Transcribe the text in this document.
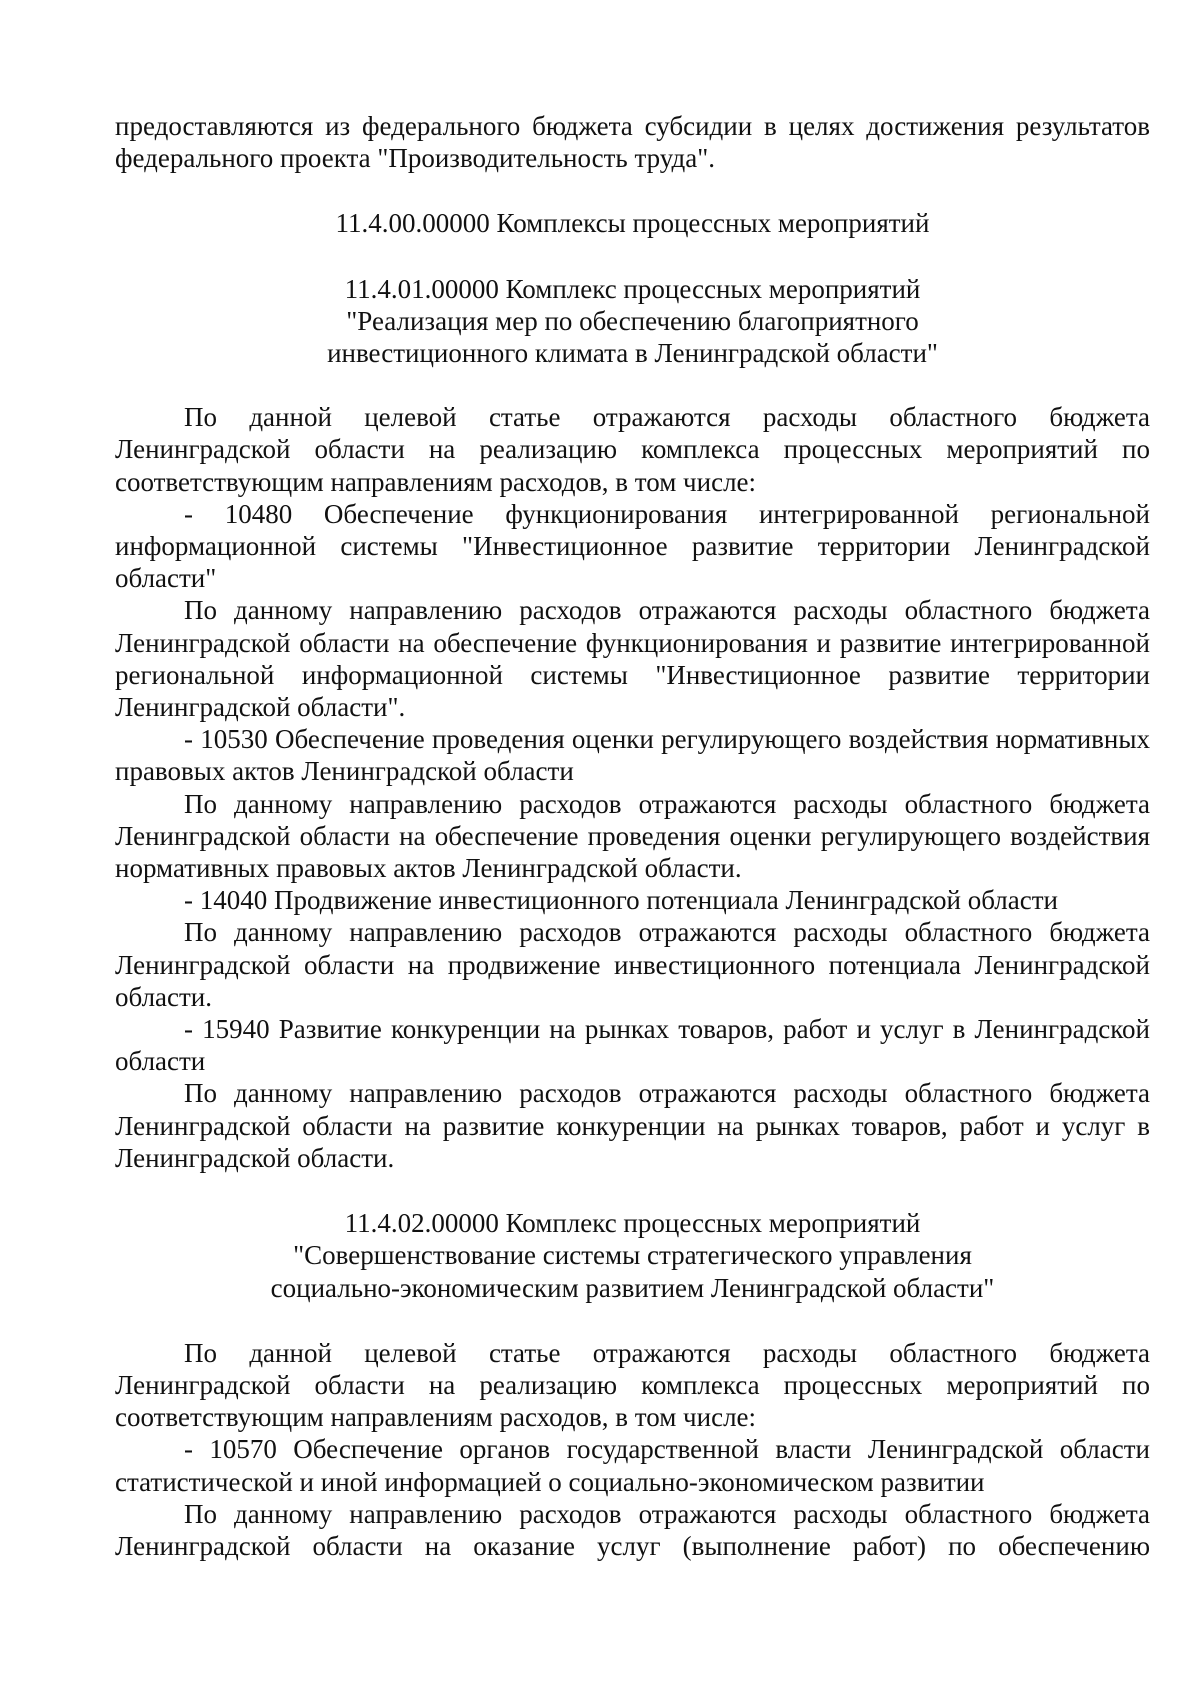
предоставляются из федерального бюджета субсидии в целях достижения результатов федерального проекта "Производительность труда".

11.4.00.00000 Комплексы процессных мероприятий

11.4.01.00000 Комплекс процессных мероприятий
"Реализация мер по обеспечению благоприятного
инвестиционного климата в Ленинградской области"

По данной целевой статье отражаются расходы областного бюджета Ленинградской области на реализацию комплекса процессных мероприятий по соответствующим направлениям расходов, в том числе:

- 10480 Обеспечение функционирования интегрированной региональной информационной системы "Инвестиционное развитие территории Ленинградской области"

По данному направлению расходов отражаются расходы областного бюджета Ленинградской области на обеспечение функционирования и развитие интегрированной региональной информационной системы "Инвестиционное развитие территории Ленинградской области".

- 10530 Обеспечение проведения оценки регулирующего воздействия нормативных правовых актов Ленинградской области

По данному направлению расходов отражаются расходы областного бюджета Ленинградской области на обеспечение проведения оценки регулирующего воздействия нормативных правовых актов Ленинградской области.

- 14040 Продвижение инвестиционного потенциала Ленинградской области

По данному направлению расходов отражаются расходы областного бюджета Ленинградской области на продвижение инвестиционного потенциала Ленинградской области.

- 15940 Развитие конкуренции на рынках товаров, работ и услуг в Ленинградской области

По данному направлению расходов отражаются расходы областного бюджета Ленинградской области на развитие конкуренции на рынках товаров, работ и услуг в Ленинградской области.

11.4.02.00000 Комплекс процессных мероприятий
"Совершенствование системы стратегического управления
социально-экономическим развитием Ленинградской области"

По данной целевой статье отражаются расходы областного бюджета Ленинградской области на реализацию комплекса процессных мероприятий по соответствующим направлениям расходов, в том числе:

- 10570 Обеспечение органов государственной власти Ленинградской области статистической и иной информацией о социально-экономическом развитии

По данному направлению расходов отражаются расходы областного бюджета Ленинградской области на оказание услуг (выполнение работ) по обеспечению
